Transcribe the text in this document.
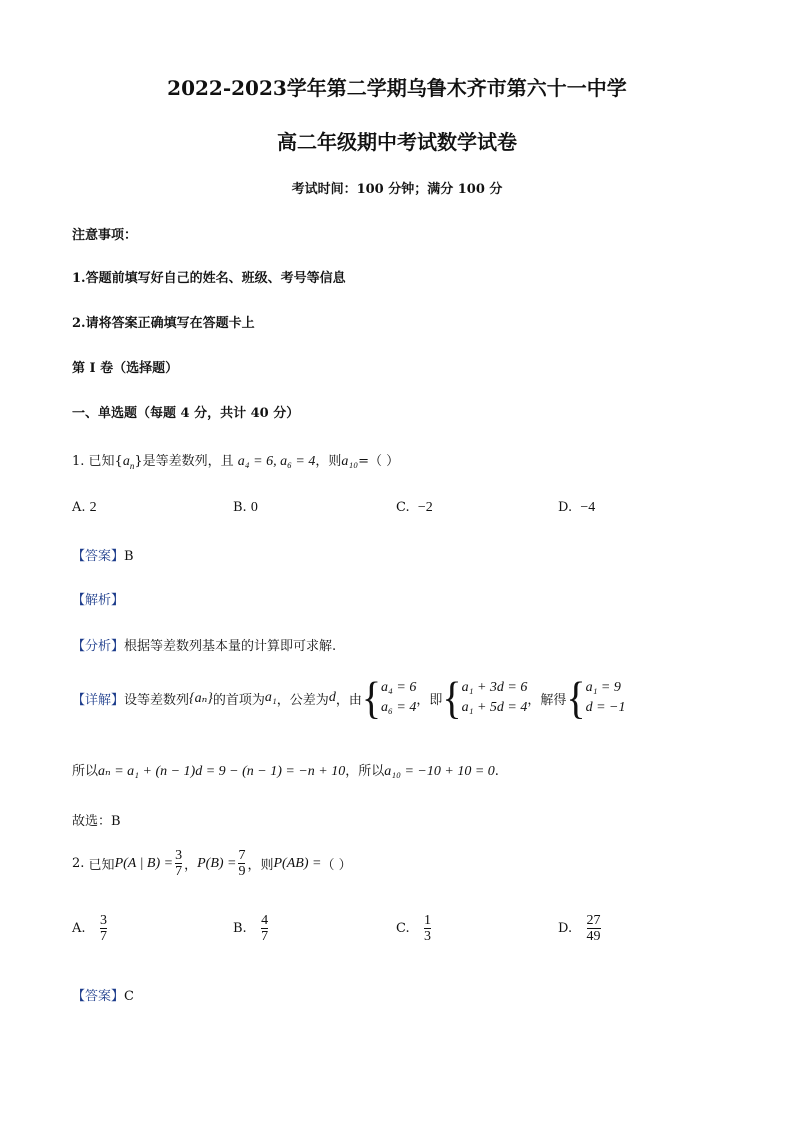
2022-2023学年第二学期乌鲁木齐市第六十一中学
高二年级期中考试数学试卷
考试时间：100 分钟；满分 100 分
注意事项：
1.答题前填写好自己的姓名、班级、考号等信息
2.请将答案正确填写在答题卡上
第 I 卷（选择题）
一、单选题（每题 4 分，共计 40 分）
1. 已知$\{a_n\}$是等差数列，且 a₄ = 6, a₆ = 4，则a₁₀=（ ）
A. 2	B. 0	C. −2	D. −4
【答案】B
【解析】
【分析】根据等差数列基本量的计算即可求解.
【详解】 设等差数列 {aₙ} 的首项为 a₁ ，公差为 d ，由 { a₄ = 6
a₆ = 4 ，即 { a₁ + 3d = 6
a₁ + 5d = 4 ，解得 { a₁ = 9
d = −1
所以aₙ = a₁ + (n − 1)d = 9 − (n − 1) = −n + 10，所以a₁₀ = −10 + 10 = 0.
故选：B
2.
已知 P(A | $B) = \frac{3}{7}$ ， $P(B) = \frac{7}{9}$ ，则 P(AB) = （ ）
A.
$\frac{3}{7}$	B.
$\frac{4}{7}$	C.
$\frac{1}{3}$	D.
$\frac{27}{49}$
【答案】C
